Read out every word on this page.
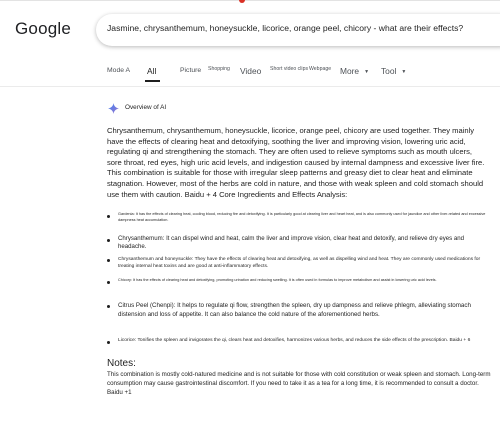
Google	Jasmine, chrysanthemum, honeysuckle, licorice, orange peel, chicory - what are their effects?
Mode A All	Picture Shopping Video Short video clips Webpage More ▼ Tool ▼
Overview of AI

Chrysanthemum, chrysanthemum, honeysuckle, licorice, orange peel, chicory are used together. They mainly have the effects of clearing heat and detoxifying, soothing the liver and improving vision, lowering uric acid, regulating qi and strengthening the stomach. They are often used to relieve symptoms such as mouth ulcers, sore throat, red eyes, high uric acid levels, and indigestion caused by internal dampness and excessive liver fire. This combination is suitable for those with irregular sleep patterns and greasy diet to clear heat and eliminate stagnation. However, most of the herbs are cold in nature, and those with weak spleen and cold stomach should use them with caution. Baidu + 4 Core Ingredients and Effects Analysis:

Gardenia: It has the effects of clearing heat, cooling blood, reducing fire and detoxifying. It is particularly good at clearing liver and heart heat, and is also commonly used for jaundice and other liver-related and excessive dampness heat accumulation.

Chrysanthemum: It can dispel wind and heat, calm the liver and improve vision, clear heat and detoxify, and relieve dry eyes and headache.

Chrysanthemum and honeysuckle: They have the effects of clearing heat and detoxifying, as well as dispelling wind and heat. They are commonly used medications for treating internal heat toxins and are good at anti-inflammatory effects.

Chicory: It has the effects of clearing heat and detoxifying, promoting urination and reducing swelling. It is often used in formulas to improve metabolism and assist in lowering uric acid levels.

Citrus Peel (Chenpi): It helps to regulate qi flow, strengthen the spleen, dry up dampness and relieve phlegm, alleviating stomach distension and loss of appetite. It can also balance the cold nature of the aforementioned herbs.

Licorice: Tonifies the spleen and invigorates the qi, clears heat and detoxifies, harmonizes various herbs, and reduces the side effects of the prescription. Baidu + 6

Notes:

This combination is mostly cold-natured medicine and is not suitable for those with cold constitution or weak spleen and stomach. Long-term consumption may cause gastrointestinal discomfort. If you need to take it as a tea for a long time, it is recommended to consult a doctor. Baidu +1
